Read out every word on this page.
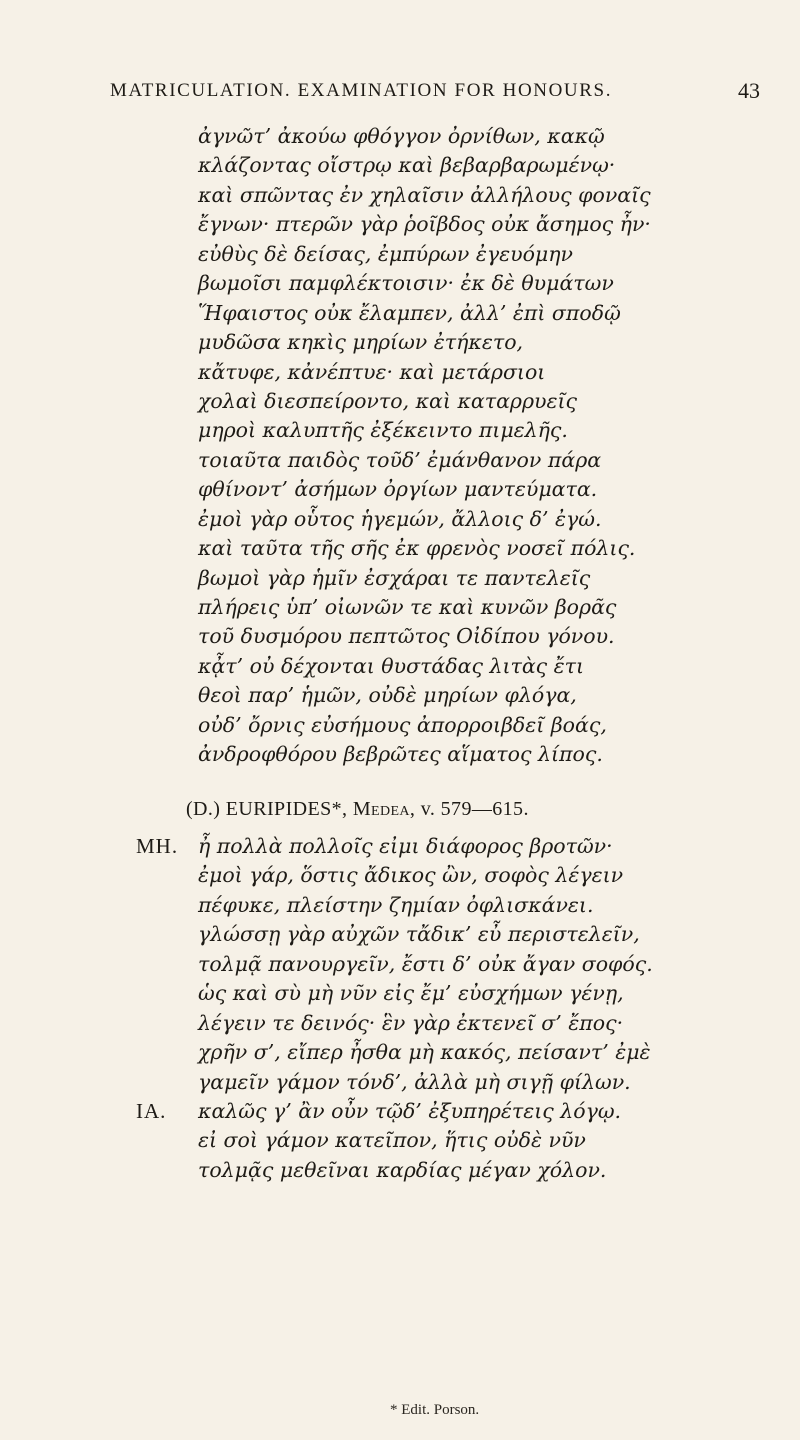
MATRICULATION. EXAMINATION FOR HONOURS.	43
ἀγνῶτ’ ἀκούω φθόγγον ὀρνίθων, κακῷ
κλάζοντας οἴστρῳ καὶ βεβαρβαρωμένῳ·
καὶ σπῶντας ἐν χηλαῖσιν ἀλλήλους φοναῖς
ἔγνων· πτερῶν γὰρ ῥοῖβδος οὐκ ἄσημος ἦν·
εὐθὺς δὲ δείσας, ἐμπύρων ἐγευόμην
βωμοῖσι παμφλέκτοισιν· ἐκ δὲ θυμάτων
Ἥφαιστος οὐκ ἔλαμπεν, ἀλλ’ ἐπὶ σποδῷ
μυδῶσα κηκὶς μηρίων ἐτήκετο,
κἄτυφε, κἀνέπτυε· καὶ μετάρσιοι
χολαὶ διεσπείροντο, καὶ καταρρυεῖς
μηροὶ καλυπτῆς ἐξέκειντο πιμελῆς.
τοιαῦτα παιδὸς τοῦδ’ ἐμάνθανον πάρα
φθίνοντ’ ἀσήμων ὀργίων μαντεύματα.
ἐμοὶ γὰρ οὗτος ἡγεμών, ἄλλοις δ’ ἐγώ.
καὶ ταῦτα τῆς σῆς ἐκ φρενὸς νοσεῖ πόλις.
βωμοὶ γὰρ ἡμῖν ἐσχάραι τε παντελεῖς
πλήρεις ὑπ’ οἰωνῶν τε καὶ κυνῶν βορᾶς
τοῦ δυσμόρου πεπτῶτος Οἰδίπου γόνου.
κᾆτ’ οὐ δέχονται θυστάδας λιτὰς ἔτι
θεοὶ παρ’ ἡμῶν, οὐδὲ μηρίων φλόγα,
οὐδ’ ὄρνις εὐσήμους ἀπορροιβδεῖ βοάς,
ἀνδροφθόρου βεβρῶτες αἵματος λίπος.
(D.) EURIPIDES*, Medea, v. 579—615.
MH. ἦ πολλὰ πολλοῖς εἰμι διάφορος βροτῶν·
ἐμοὶ γάρ, ὅστις ἄδικος ὢν, σοφὸς λέγειν
πέφυκε, πλείστην ζημίαν ὀφλισκάνει.
γλώσσῃ γὰρ αὐχῶν τἄδικ’ εὖ περιστελεῖν,
τολμᾷ πανουργεῖν, ἔστι δ’ οὐκ ἄγαν σοφός.
ὡς καὶ σὺ μὴ νῦν εἰς ἔμ’ εὐσχήμων γένῃ,
λέγειν τε δεινός· ἓν γὰρ ἐκτενεῖ σ’ ἔπος·
χρῆν σ’, εἴπερ ἦσθα μὴ κακός, πείσαντ’ ἐμὲ
γαμεῖν γάμον τόνδ’, ἀλλὰ μὴ σιγῇ φίλων.
IA. καλῶς γ’ ἂν οὖν τῷδ’ ἐξυπηρέτεις λόγῳ.
εἰ σοὶ γάμον κατεῖπον, ἥτις οὐδὲ νῦν
τολμᾷς μεθεῖναι καρδίας μέγαν χόλον.
* Edit. Porson.
